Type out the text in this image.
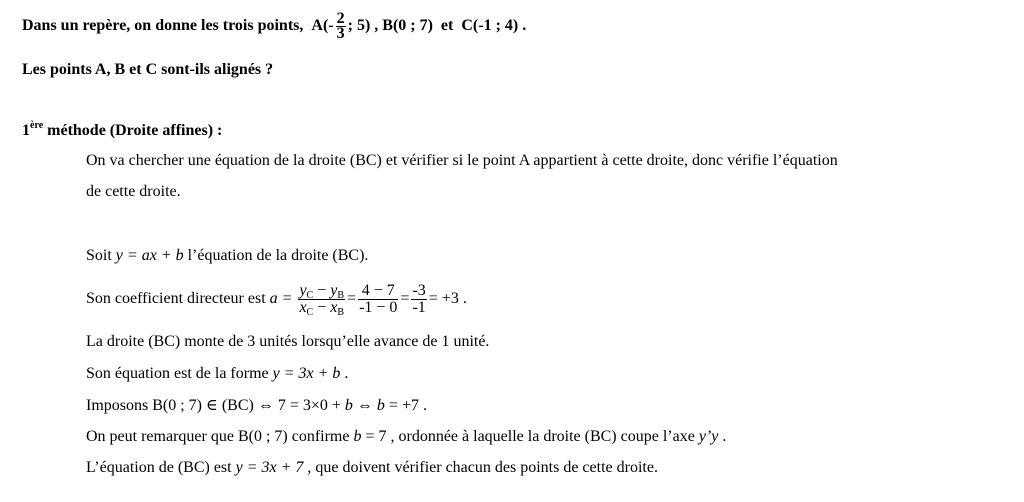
Dans un repère, on donne les trois points, $A(- \frac{2}{3}$ ; 5) , B(0 ; 7) et C(-1 ; 4) .
Les points A, B et C sont-ils alignés ?
1ère méthode (Droite affines) :
On va chercher une équation de la droite (BC) et vérifier si le point A appartient à cette droite, donc vérifie l’équation
de cette droite.
Soit y = ax + b l’équation de la droite (BC).
Son coefficient directeur est $a = \frac{y_C - y_B}{x_C - x_B} = \frac{4 - 7}{-1 - 0} = \frac{-3}{-1} = +3$ .
La droite (BC) monte de 3 unités lorsqu’elle avance de 1 unité.
Son équation est de la forme y = 3x + b .
Imposons B(0 ; 7) ∈ (BC) ⇔ 7 = 3×0 + b ⇔ b = +7 .
On peut remarquer que B(0 ; 7) confirme b = 7 , ordonnée à laquelle la droite (BC) coupe l’axe y’y .
L’équation de (BC) est y = 3x + 7 , que doivent vérifier chacun des points de cette droite.
